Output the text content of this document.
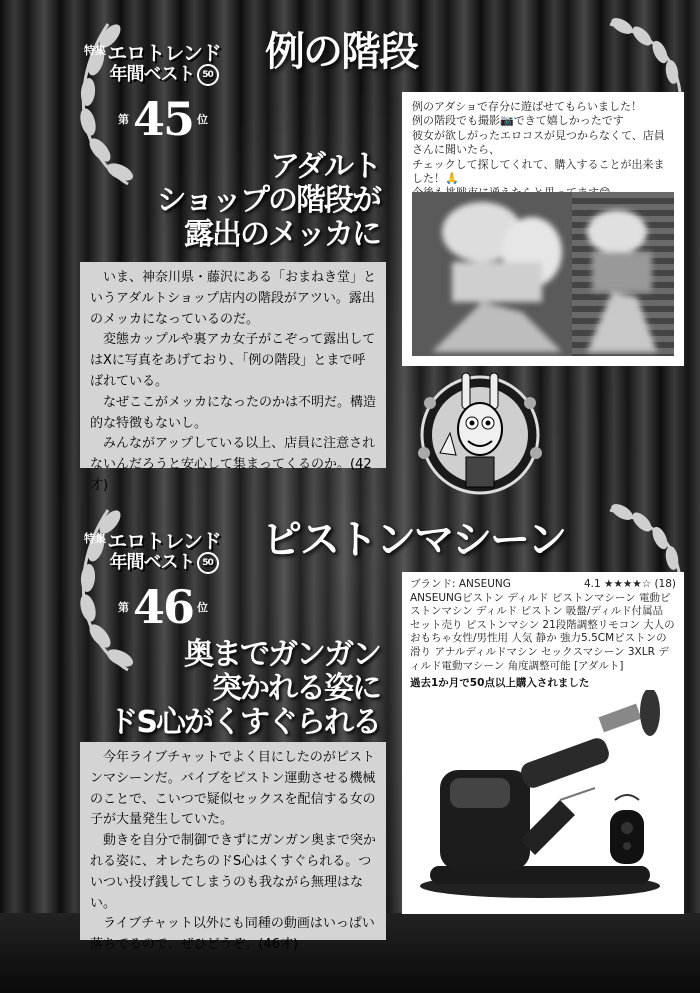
特集 エロトレンド
年間ベスト 50
第45 位
例の階段
アダルト
ショップの階段が
露出のメッカに

いま、神奈川県・藤沢にある「おまねき堂」というアダルトショップ店内の階段がアツい。露出のメッカになっているのだ。

変態カップルや裏アカ女子がこぞって露出してはXに写真をあげており、「例の階段」とまで呼ばれている。

なぜここがメッカになったのかは不明だ。構造的な特徴もないし。

みんながアップしている以上、店員に注意されないんだろうと安心して集まってくるのか。(42才)

例のアダショで存分に遊ばせてもらいました！
例の階段でも撮影📷できて嬉しかったです
彼女が欲しがったエロコスが見つからなくて、店員さんに聞いたら、
チェックして探してくれて、購入することが出来ました！🙏
特集 エロトレンド
年間ベスト 50
第46 位
ピストンマシーン
奥までガンガン
突かれる姿に
ドS心がくすぐられる

今年ライブチャットでよく目にしたのがピストンマシーンだ。バイブをピストン運動させる機械のことで、こいつで疑似セックスを配信する女の子が大量発生していた。

動きを自分で制御できずにガンガン奥まで突かれる姿に、オレたちのドS心はくすぐられる。ついつい投げ銭してしまうのも我ながら無理はない。

ライブチャット以外にも同種の動画はいっぱい落ちてるので、ぜひどうぞ。(46才)

ブランド: ANSEUNG	4.1 ★★★★☆ (18)
ANSEUNGピストン ディルド ピストンマシーン 電動ピストンマシン ディルド ピストン 吸盤/ディルド付属品 セット売り ピストンマシン 21段階調整リモコン 大人のおもちゃ女性/男性用 人気 静か 強力5.5CMピストンの滑り アナルディルドマシン セックスマシーン 3XLR ディルド電動マシーン 角度調整可能 [アダルト]
過去1か月で50点以上購入されました
